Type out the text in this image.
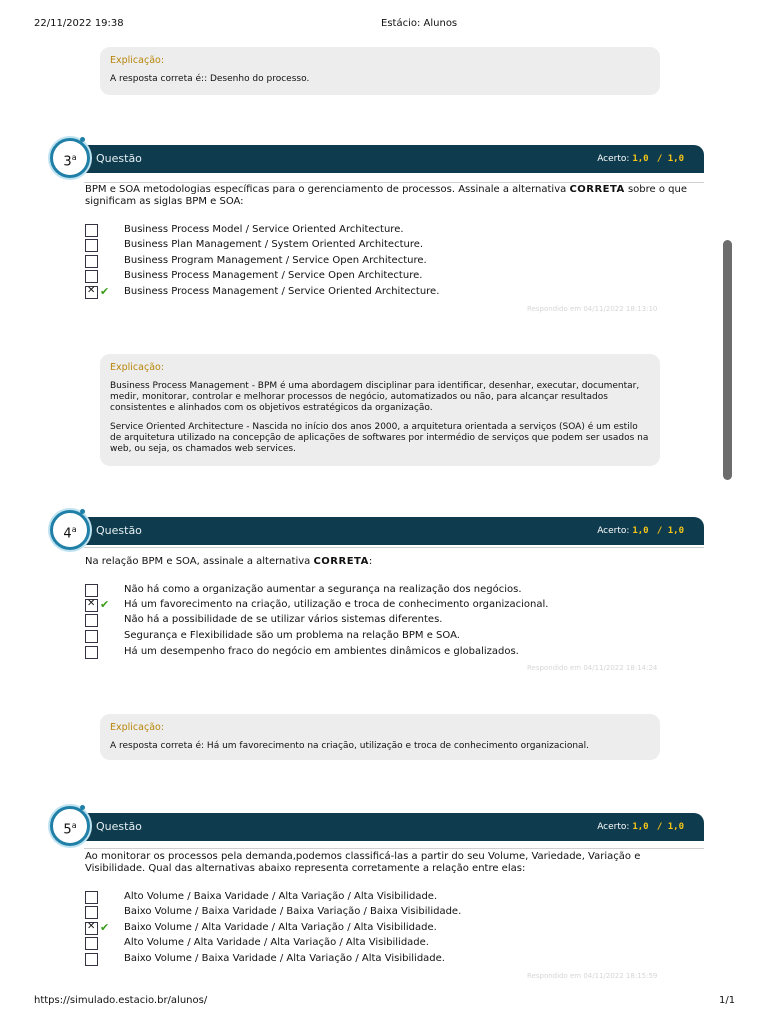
22/11/2022 19:38	Estácio: Alunos
Explicação:
A resposta correta é:: Desenho do processo.
Questão	Acerto: 1,0 / 1,0
3$^a$
BPM e SOA metodologias específicas para o gerenciamento de processos. Assinale a alternativa CORRETA sobre o que significam as siglas BPM e SOA:
Business Process Model / Service Oriented Architecture.
Business Plan Management / System Oriented Architecture.
Business Program Management / Service Open Architecture.
Business Process Management / Service Open Architecture.
✕
✔ Business Process Management / Service Oriented Architecture.
Respondido em 04/11/2022 18:13:10
Explicação:

Business Process Management - BPM é uma abordagem disciplinar para identificar, desenhar, executar, documentar, medir, monitorar, controlar e melhorar processos de negócio, automatizados ou não, para alcançar resultados consistentes e alinhados com os objetivos estratégicos da organização.

Service Oriented Architecture - Nascida no início dos anos 2000, a arquitetura orientada a serviços (SOA) é um estilo de arquitetura utilizado na concepção de aplicações de softwares por intermédio de serviços que podem ser usados na web, ou seja, os chamados web services.

Questão	Acerto: 1,0 / 1,0
4$^a$
Na relação BPM e SOA, assinale a alternativa CORRETA:
Não há como a organização aumentar a segurança na realização dos negócios.
✕
✔ Há um favorecimento na criação, utilização e troca de conhecimento organizacional.
Não há a possibilidade de se utilizar vários sistemas diferentes.
Segurança e Flexibilidade são um problema na relação BPM e SOA.
Há um desempenho fraco do negócio em ambientes dinâmicos e globalizados.
Respondido em 04/11/2022 18:14:24
Explicação:
A resposta correta é: Há um favorecimento na criação, utilização e troca de conhecimento organizacional.
Questão	Acerto: 1,0 / 1,0
5$^a$
Ao monitorar os processos pela demanda,podemos classificá-las a partir do seu Volume, Variedade, Variação e Visibilidade. Qual das alternativas abaixo representa corretamente a relação entre elas:
Alto Volume / Baixa Varidade / Alta Variação / Alta Visibilidade.
Baixo Volume / Baixa Varidade / Baixa Variação / Baixa Visibilidade.
✕
✔ Baixo Volume / Alta Varidade / Alta Variação / Alta Visibilidade.
Alto Volume / Alta Varidade / Alta Variação / Alta Visibilidade.
Baixo Volume / Baixa Varidade / Alta Variação / Alta Visibilidade.
Respondido em 04/11/2022 18:15:59
https://simulado.estacio.br/alunos/	1/1
